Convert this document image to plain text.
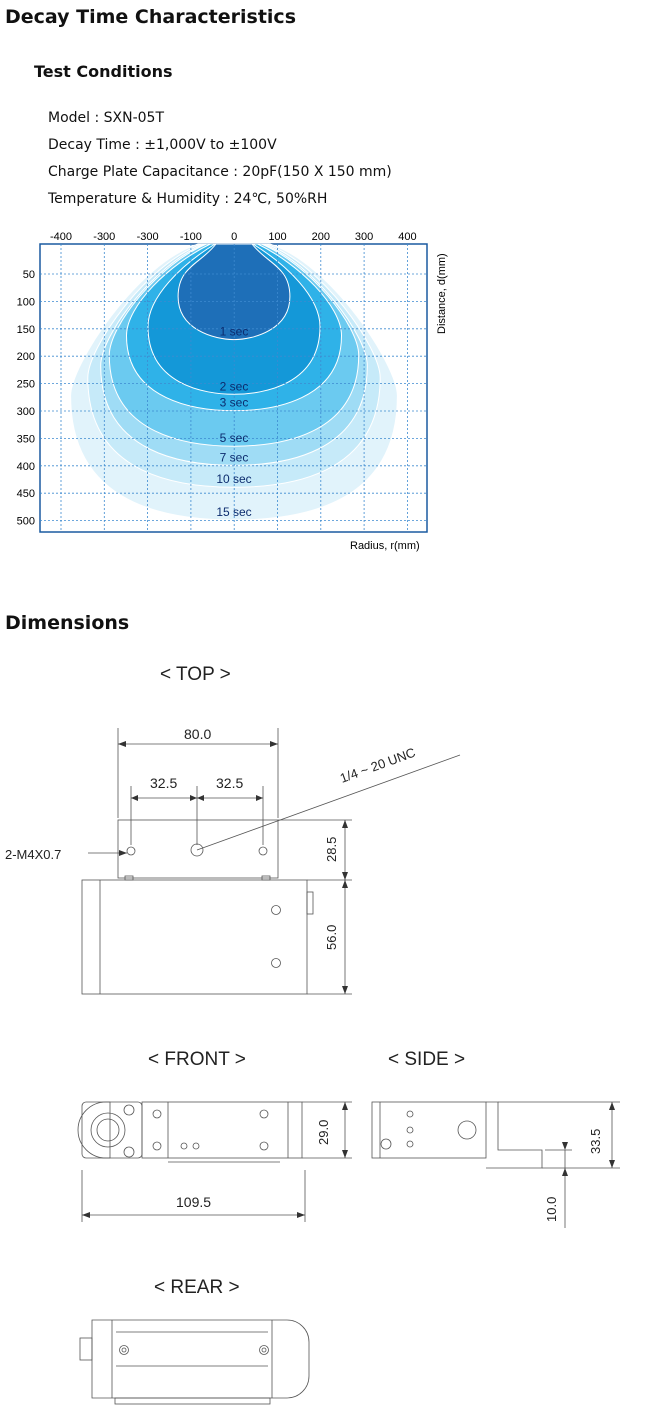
Decay Time Characteristics
Test Conditions
Model : SXN-05T
Decay Time : ±1,000V to ±100V
Charge Plate Capacitance : 20pF(150 X 150 mm)
Temperature & Humidity : 24℃, 50%RH
-400 -300 -300 -100	0	100 200 300 400
50
100
150
200
250
300
350
400
450
500
15 sec
10 sec
7 sec
5 sec
3 sec
2 sec
1 sec
Radius, r(mm)
Distance, d(mm)
Dimensions
< TOP >
80.0
32.5	32.5	1/4 ~ 20 UNC
2-M4X0.7	28.5
56.0
< FRONT >
29.0
109.5
< SIDE >
33.5
10.0
< REAR >
